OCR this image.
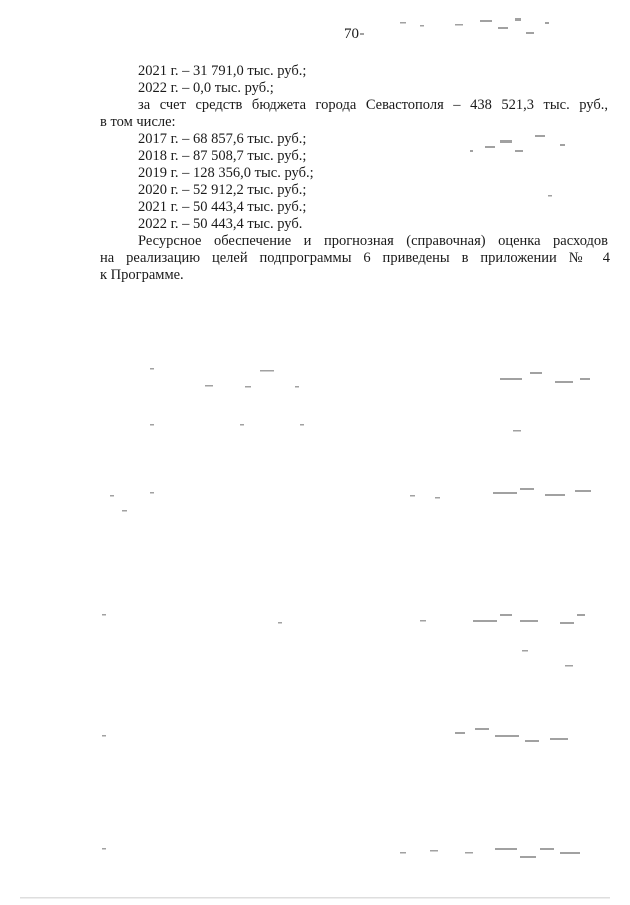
70
2021 г. – 31 791,0 тыс. руб.;
2022 г. – 0,0 тыс. руб.;
за счет средств бюджета города Севастополя – 438 521,3 тыс. руб.,
в том числе:
2017 г. – 68 857,6 тыс. руб.;
2018 г. – 87 508,7 тыс. руб.;
2019 г. – 128 356,0 тыс. руб.;
2020 г. – 52 912,2 тыс. руб.;
2021 г. – 50 443,4 тыс. руб.;
2022 г. – 50 443,4 тыс. руб.
Ресурсное обеспечение и прогнозная (справочная) оценка расходов
на реализацию целей подпрограммы 6 приведены в приложении № 4
к Программе.
